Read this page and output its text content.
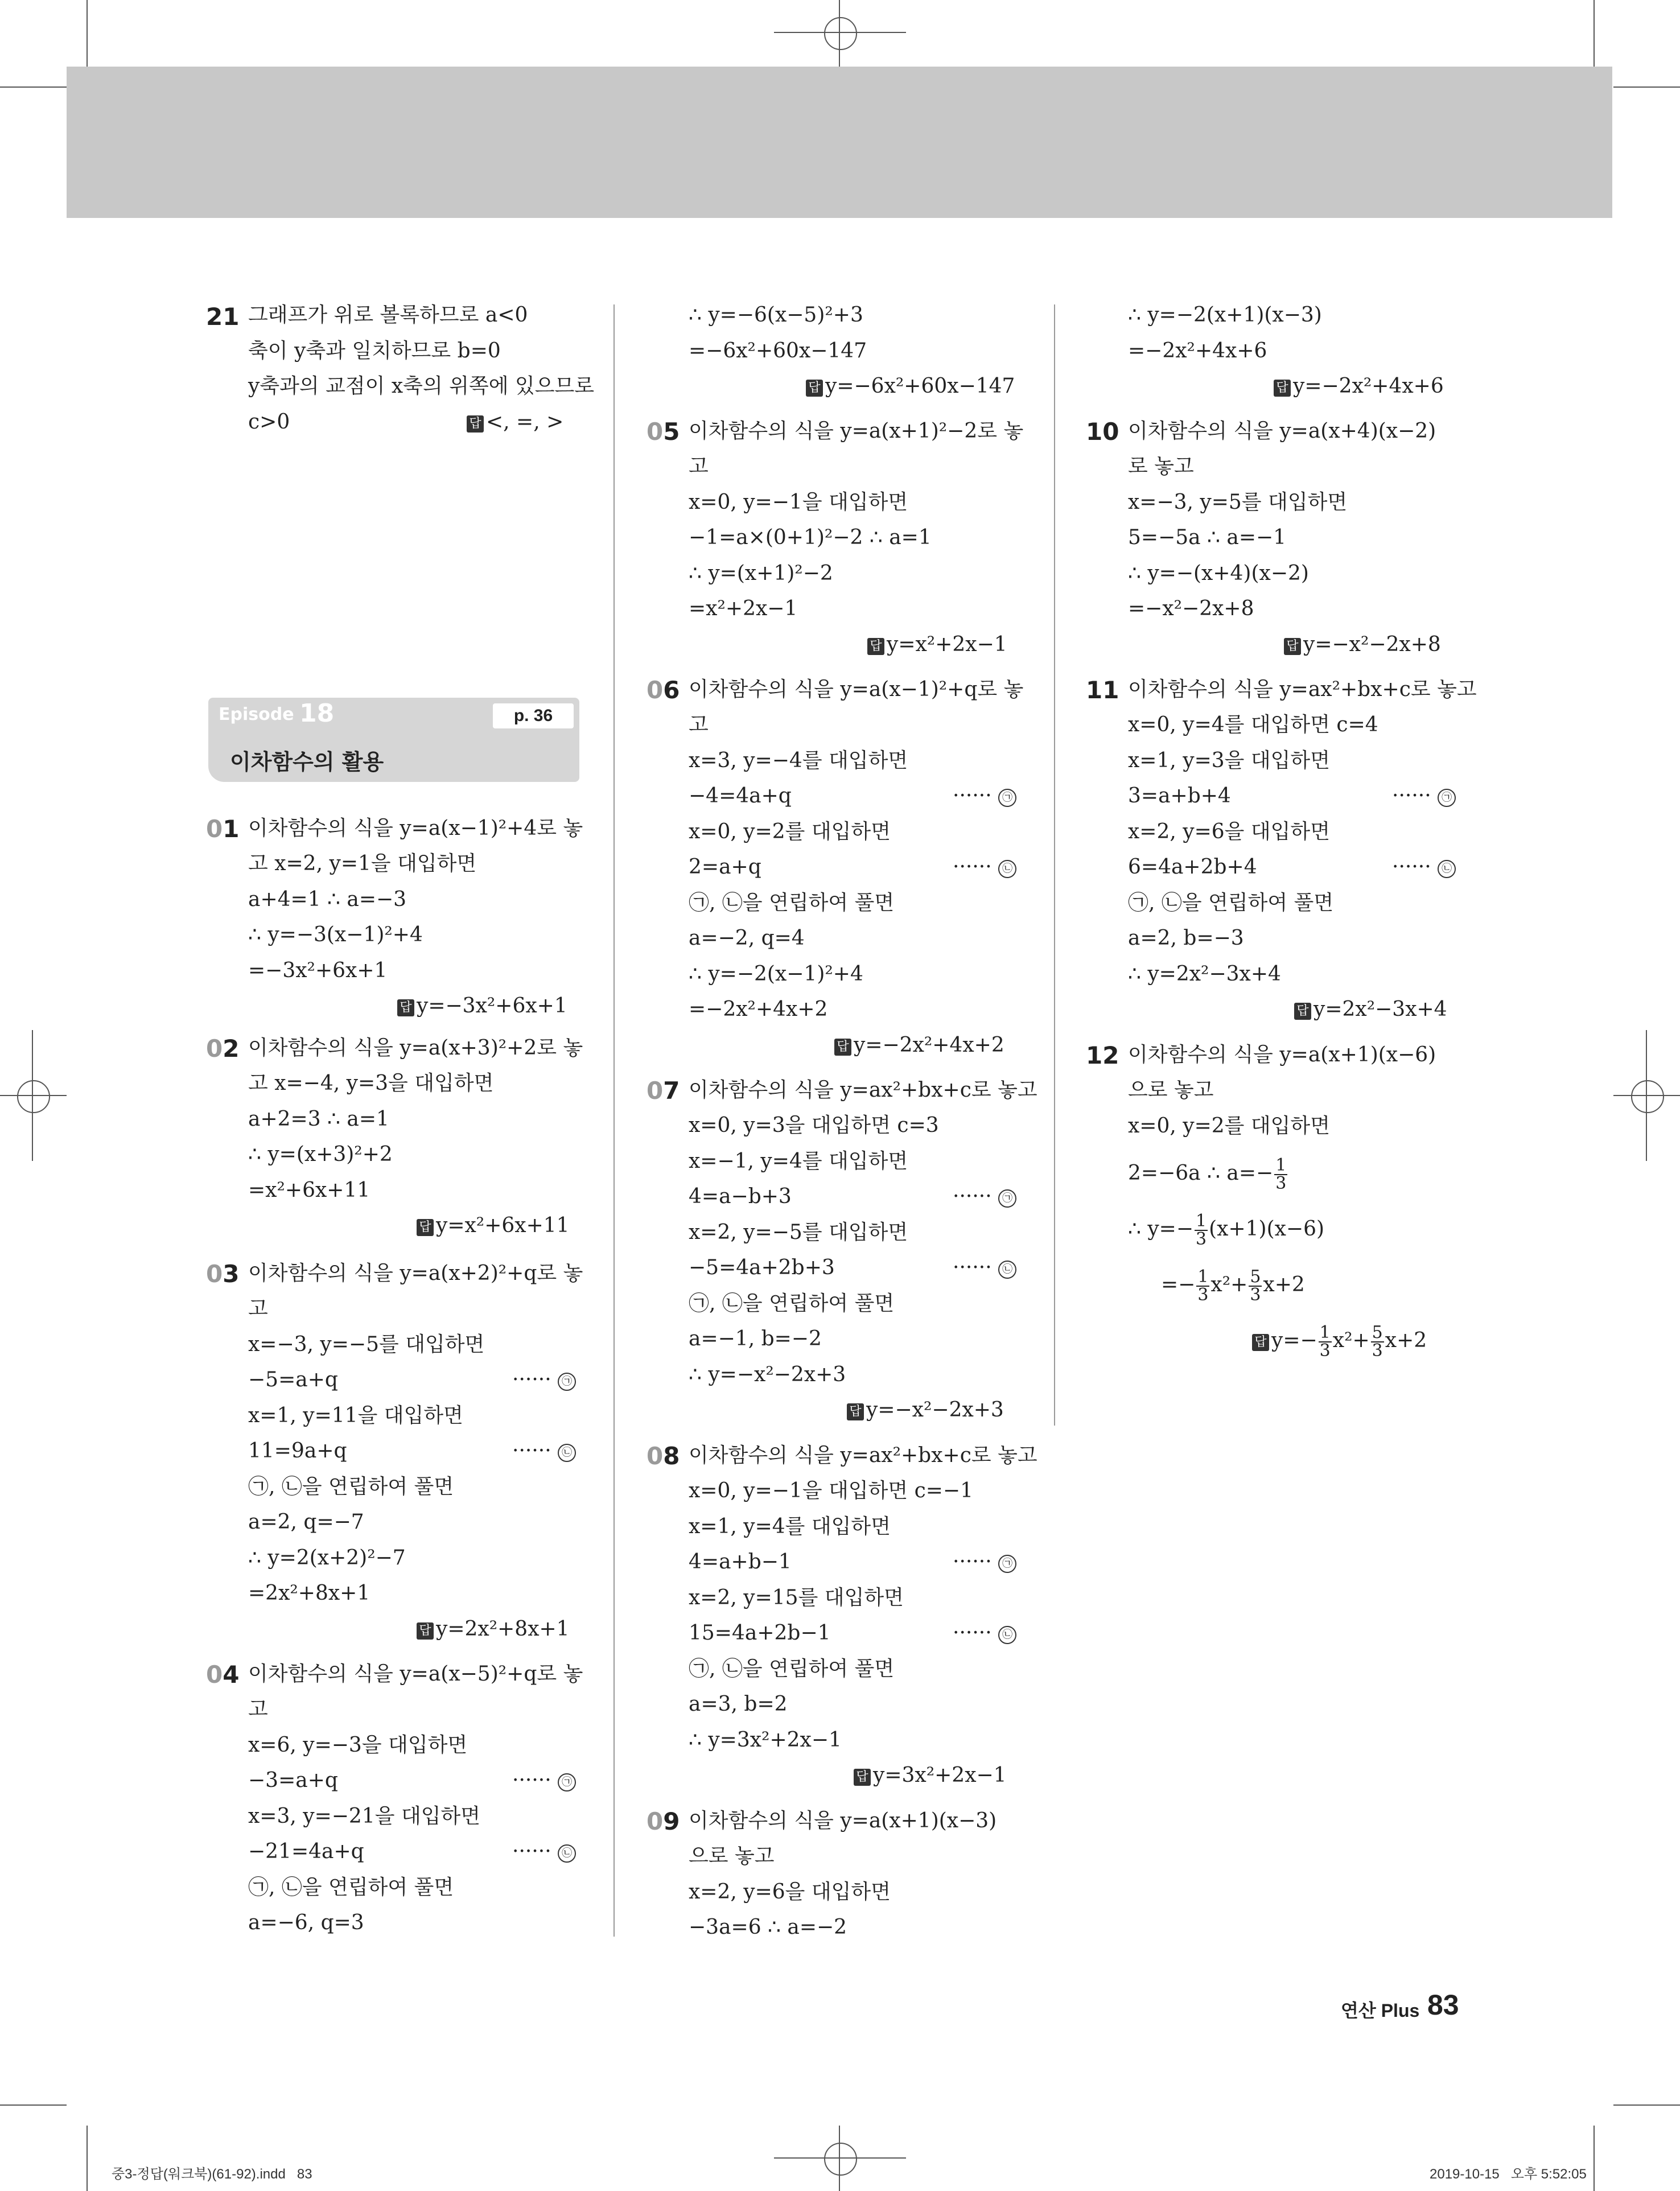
21 그래프가 위로 볼록하므로 a<0
축이 y축과 일치하므로 b=0
y축과의 교점이 x축의 위쪽에 있으므로
c>0	답 <, =, >
Episode 18	p. 36
이차함수의 활용
01 이차함수의 식을 y=a(x−1)²+4로 놓
고 x=2, y=1을 대입하면
a+4=1 ∴ a=−3
∴ y=−3(x−1)²+4
=−3x²+6x+1
답 y=−3x²+6x+1
02 이차함수의 식을 y=a(x+3)²+2로 놓
고 x=−4, y=3을 대입하면
a+2=3 ∴ a=1
∴ y=(x+3)²+2
=x²+6x+11
답 y=x²+6x+11
03 이차함수의 식을 y=a(x+2)²+q로 놓
고
x=−3, y=−5를 대입하면
−5=a+q	······ ㉠
x=1, y=11을 대입하면
11=9a+q	······ ㉡
㉠, ㉡을 연립하여 풀면
a=2, q=−7
∴ y=2(x+2)²−7
=2x²+8x+1
답 y=2x²+8x+1
04 이차함수의 식을 y=a(x−5)²+q로 놓
고
x=6, y=−3을 대입하면
−3=a+q	······ ㉠
x=3, y=−21을 대입하면
−21=4a+q	······ ㉡
㉠, ㉡을 연립하여 풀면
a=−6, q=3
∴ y=−6(x−5)²+3
=−6x²+60x−147
답 y=−6x²+60x−147
05 이차함수의 식을 y=a(x+1)²−2로 놓
고
x=0, y=−1을 대입하면
−1=a×(0+1)²−2 ∴ a=1
∴ y=(x+1)²−2
=x²+2x−1
답 y=x²+2x−1
06 이차함수의 식을 y=a(x−1)²+q로 놓
고
x=3, y=−4를 대입하면
−4=4a+q	······ ㉠
x=0, y=2를 대입하면
2=a+q	······ ㉡
㉠, ㉡을 연립하여 풀면
a=−2, q=4
∴ y=−2(x−1)²+4
=−2x²+4x+2
답 y=−2x²+4x+2
07 이차함수의 식을 y=ax²+bx+c로 놓고
x=0, y=3을 대입하면 c=3
x=−1, y=4를 대입하면
4=a−b+3	······ ㉠
x=2, y=−5를 대입하면
−5=4a+2b+3	······ ㉡
㉠, ㉡을 연립하여 풀면
a=−1, b=−2
∴ y=−x²−2x+3
답 y=−x²−2x+3
08 이차함수의 식을 y=ax²+bx+c로 놓고
x=0, y=−1을 대입하면 c=−1
x=1, y=4를 대입하면
4=a+b−1	······ ㉠
x=2, y=15를 대입하면
15=4a+2b−1	······ ㉡
㉠, ㉡을 연립하여 풀면
a=3, b=2
∴ y=3x²+2x−1
답 y=3x²+2x−1
09 이차함수의 식을 y=a(x+1)(x−3)
으로 놓고
x=2, y=6을 대입하면
−3a=6 ∴ a=−2
∴ y=−2(x+1)(x−3)
=−2x²+4x+6
답 y=−2x²+4x+6
10 이차함수의 식을 y=a(x+4)(x−2)
로 놓고
x=−3, y=5를 대입하면
5=−5a ∴ a=−1
∴ y=−(x+4)(x−2)
=−x²−2x+8
답 y=−x²−2x+8
11 이차함수의 식을 y=ax²+bx+c로 놓고
x=0, y=4를 대입하면 c=4
x=1, y=3을 대입하면
3=a+b+4	······ ㉠
x=2, y=6을 대입하면
6=4a+2b+4	······ ㉡
㉠, ㉡을 연립하여 풀면
a=2, b=−3
∴ y=2x²−3x+4
답 y=2x²−3x+4
12 이차함수의 식을 y=a(x+1)(x−6)
으로 놓고
x=0, y=2를 대입하면
2=−6a ∴ $a=- \frac{1}{3}$
∴ $y=- \frac{1}{3} (x+1)(x-6)$
=− $\frac{1}{3} x^2+ \frac{5}{3} x+2$
답 $y=- \frac{1}{3} x^2+ \frac{5}{3} x+2$
연산 Plus 83
중3-정답(워크북)(61-92).indd   83	2019-10-15   오후 5:52:05
